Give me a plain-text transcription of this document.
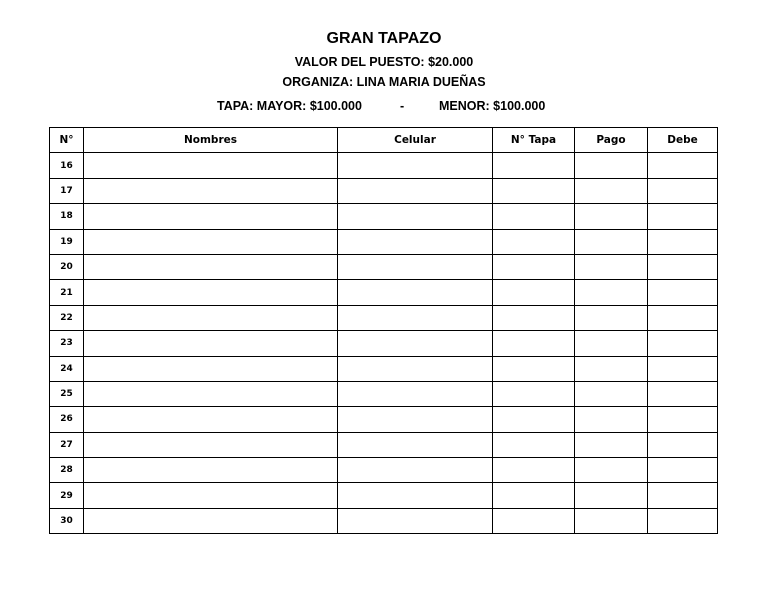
GRAN TAPAZO
VALOR DEL PUESTO: $20.000
ORGANIZA: LINA MARIA DUEÑAS
TAPA: MAYOR: $100.000	-	MENOR: $100.000
N°	Nombres	Celular	N° Tapa	Pago	Debe
16					
17					
18					
19					
20					
21					
22					
23					
24					
25					
26					
27					
28					
29					
30					
